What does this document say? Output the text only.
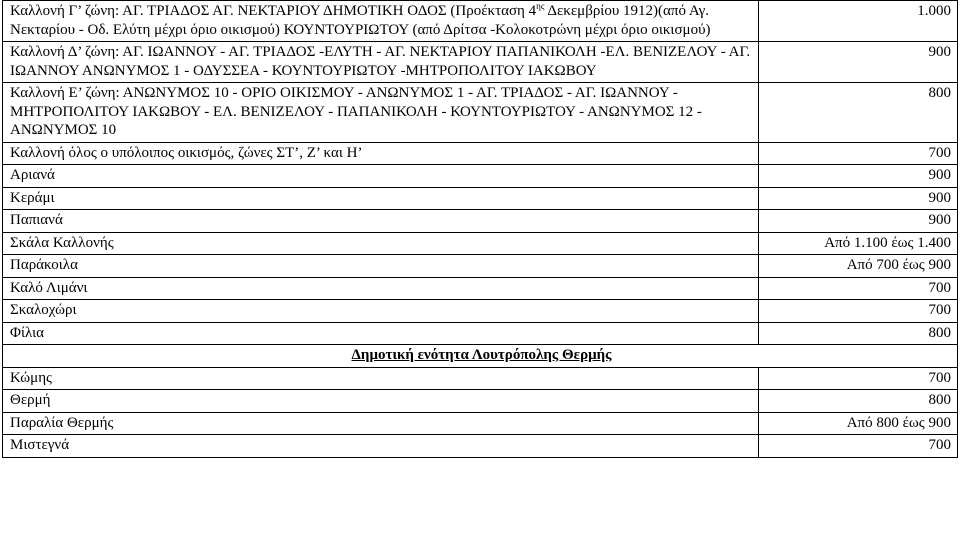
Καλλονή Γ’ ζώνη: ΑΓ. ΤΡΙΑΔΟΣ ΑΓ. ΝΕΚΤΑΡΙΟΥ ΔΗΜΟΤΙΚΗ ΟΔΟΣ (Προέκταση $4^{\eta\varsigma}$ Δεκεμβρίου 1912)(από Αγ. Νεκταρίου - Οδ. Ελύτη μέχρι όριο οικισμού) ΚΟΥΝΤΟΥΡΙΩΤΟΥ (από Δρίτσα -Κολοκοτρώνη μέχρι όριο οικισμού)	1.000
Καλλονή Δ’ ζώνη: ΑΓ. ΙΩΑΝΝΟΥ - ΑΓ. ΤΡΙΑΔΟΣ -ΕΛΥΤΗ - ΑΓ. ΝΕΚΤΑΡΙΟΥ ΠΑΠΑΝΙΚΟΛΗ -ΕΛ. ΒΕΝΙΖΕΛΟΥ - ΑΓ. ΙΩΑΝΝΟΥ ΑΝΩΝΥΜΟΣ 1 - ΟΔΥΣΣΕΑ - ΚΟΥΝΤΟΥΡΙΩΤΟΥ -ΜΗΤΡΟΠΟΛΙΤΟΥ ΙΑΚΩΒΟΥ	900
Καλλονή Ε’ ζώνη: ΑΝΩΝΥΜΟΣ 10 - ΟΡΙΟ ΟΙΚΙΣΜΟΥ - ΑΝΩΝΥΜΟΣ 1 - ΑΓ. ΤΡΙΑΔΟΣ - ΑΓ. ΙΩΑΝΝΟΥ - ΜΗΤΡΟΠΟΛΙΤΟΥ ΙΑΚΩΒΟΥ - ΕΛ. ΒΕΝΙΖΕΛΟΥ - ΠΑΠΑΝΙΚΟΛΗ - ΚΟΥΝΤΟΥΡΙΩΤΟΥ - ΑΝΩΝΥΜΟΣ 12 - ΑΝΩΝΥΜΟΣ 10	800
Καλλονή όλος ο υπόλοιπος οικισμός, ζώνες ΣΤ’, Ζ’ και Η’	700
Αριανά	900
Κεράμι	900
Παπιανά	900
Σκάλα Καλλονής	Από 1.100 έως 1.400
Παράκοιλα	Από 700 έως 900
Καλό Λιμάνι	700
Σκαλοχώρι	700
Φίλια	800
Δημοτική ενότητα Λουτρόπολης Θερμής	
Κώμης	700
Θερμή	800
Παραλία Θερμής	Από 800 έως 900
Μιστεγνά	700
